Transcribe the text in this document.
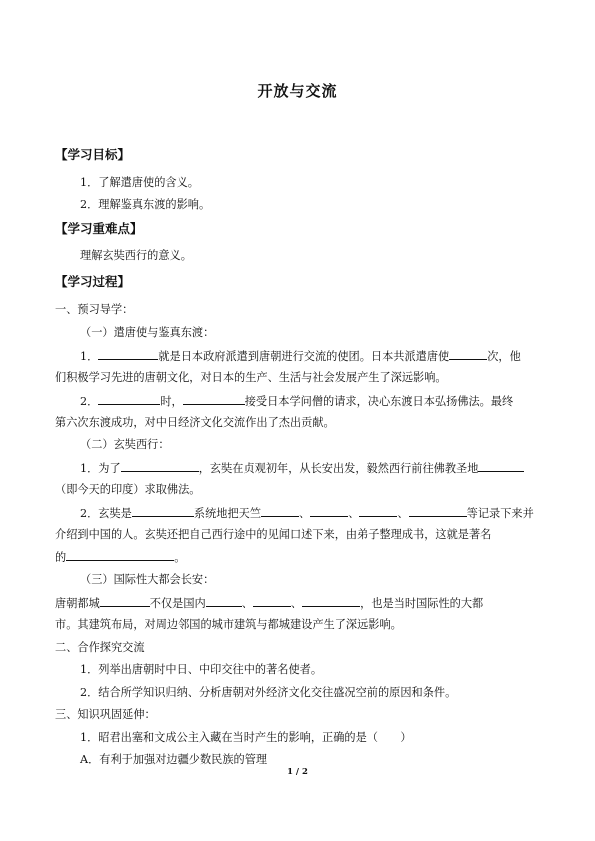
开放与交流
【学习目标】
1．了解遣唐使的含义。
2．理解鉴真东渡的影响。
【学习重难点】
理解玄奘西行的意义。
【学习过程】
一、预习导学：
（一）遣唐使与鉴真东渡：
1．	就是日本政府派遣到唐朝进行交流的使团。日本共派遣唐使	次，他
们积极学习先进的唐朝文化，对日本的生产、生活与社会发展产生了深远影响。
2．	时，	接受日本学问僧的请求，决心东渡日本弘扬佛法。最终
第六次东渡成功，对中日经济文化交流作出了杰出贡献。
（二）玄奘西行：
1．为了	，玄奘在贞观初年，从长安出发，毅然西行前往佛教圣地
（即今天的印度）求取佛法。
2．玄奘是	系统地把天竺	、	、	、	等记录下来并
介绍到中国的人。玄奘还把自己西行途中的见闻口述下来，由弟子整理成书，这就是著名
的	。
（三）国际性大都会长安：
唐朝都城	不仅是国内	、	、	，也是当时国际性的大都
市。其建筑布局，对周边邻国的城市建筑与都城建设产生了深远影响。
二、合作探究交流
1．列举出唐朝时中日、中印交往中的著名使者。
2．结合所学知识归纳、分析唐朝对外经济文化交往盛况空前的原因和条件。
三、知识巩固延伸：
1．昭君出塞和文成公主入藏在当时产生的影响，正确的是（　　）
A．有利于加强对边疆少数民族的管理
1 / 2
